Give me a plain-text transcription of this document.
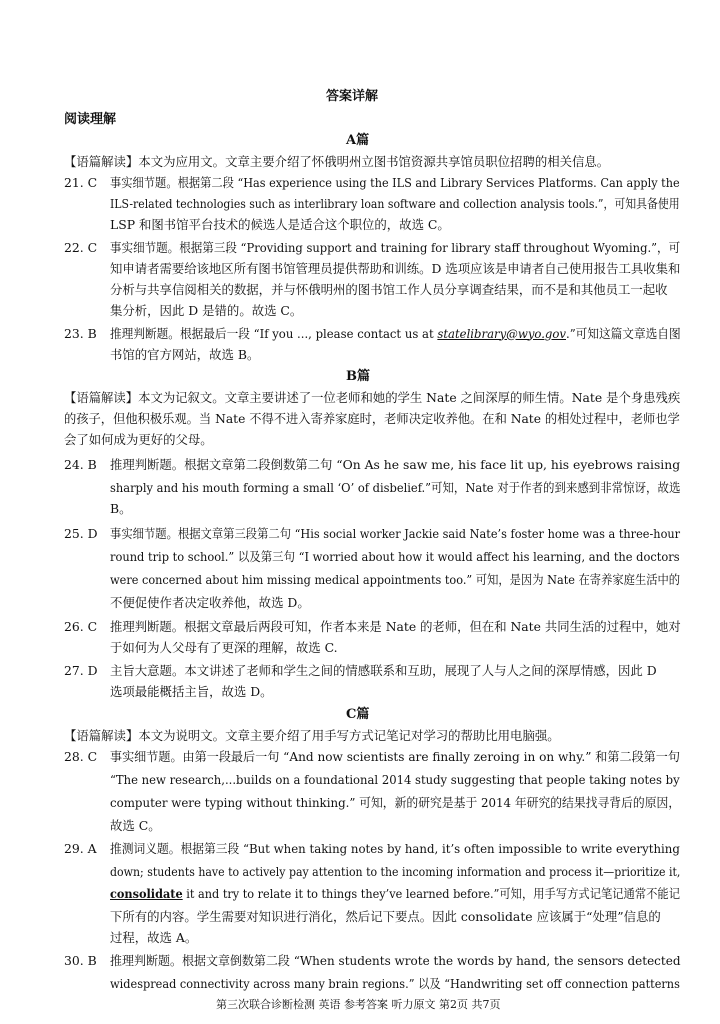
答案详解
阅读理解
A篇
【语篇解读】本文为应用文。文章主要介绍了怀俄明州立图书馆资源共享馆员职位招聘的相关信息。
21. C 事实细节题。根据第二段 “Has experience using the ILS and Library Services Platforms. Can apply the
ILS-related technologies such as interlibrary loan software and collection analysis tools.”，可知具备使用
LSP 和图书馆平台技术的候选人是适合这个职位的，故选 C。
22. C 事实细节题。根据第三段 “Providing support and training for library staff throughout Wyoming.”，可
知申请者需要给该地区所有图书馆管理员提供帮助和训练。D 选项应该是申请者自己使用报告工具收集和
分析与共享信阅相关的数据，并与怀俄明州的图书馆工作人员分享调查结果，而不是和其他员工一起收
集分析，因此 D 是错的。故选 C。
23. B 推理判断题。根据最后一段 “If you ..., please contact us at statelibrary@wyo.gov.”可知这篇文章选自图
书馆的官方网站，故选 B。
B篇
【语篇解读】本文为记叙文。文章主要讲述了一位老师和她的学生 Nate 之间深厚的师生情。Nate 是个身患残疾
的孩子，但他积极乐观。当 Nate 不得不进入寄养家庭时，老师决定收养他。在和 Nate 的相处过程中，老师也学
会了如何成为更好的父母。
24. B 推理判断题。根据文章第二段倒数第二句 “On As he saw me, his face lit up, his eyebrows raising
sharply and his mouth forming a small ‘O’ of disbelief.”可知，Nate 对于作者的到来感到非常惊讶，故选
B。
25. D 事实细节题。根据文章第三段第二句 “His social worker Jackie said Nate’s foster home was a three-hour
round trip to school.” 以及第三句 “I worried about how it would affect his learning, and the doctors
were concerned about him missing medical appointments too.” 可知，是因为 Nate 在寄养家庭生活中的
不便促使作者决定收养他，故选 D。
26. C 推理判断题。根据文章最后两段可知，作者本来是 Nate 的老师，但在和 Nate 共同生活的过程中，她对
于如何为人父母有了更深的理解，故选 C.
27. D 主旨大意题。本文讲述了老师和学生之间的情感联系和互助，展现了人与人之间的深厚情感，因此 D
选项最能概括主旨，故选 D。
C篇
【语篇解读】本文为说明文。文章主要介绍了用手写方式记笔记对学习的帮助比用电脑强。
28. C 事实细节题。由第一段最后一句 “And now scientists are finally zeroing in on why.” 和第二段第一句
“The new research,...builds on a foundational 2014 study suggesting that people taking notes by
computer were typing without thinking.” 可知，新的研究是基于 2014 年研究的结果找寻背后的原因，
故选 C。
29. A 推测词义题。根据第三段 “But when taking notes by hand, it’s often impossible to write everything
down; students have to actively pay attention to the incoming information and process it—prioritize it,
consolidate it and try to relate it to things they’ve learned before.”可知，用手写方式记笔记通常不能记
下所有的内容。学生需要对知识进行消化，然后记下要点。因此 consolidate 应该属于“处理”信息的
过程，故选 A。
30. B 推理判断题。根据文章倒数第二段 “When students wrote the words by hand, the sensors detected
widespread connectivity across many brain regions.” 以及 “Handwriting set off connection patterns
第三次联合诊断检测 英语 参考答案 听力原文 第2页 共7页
